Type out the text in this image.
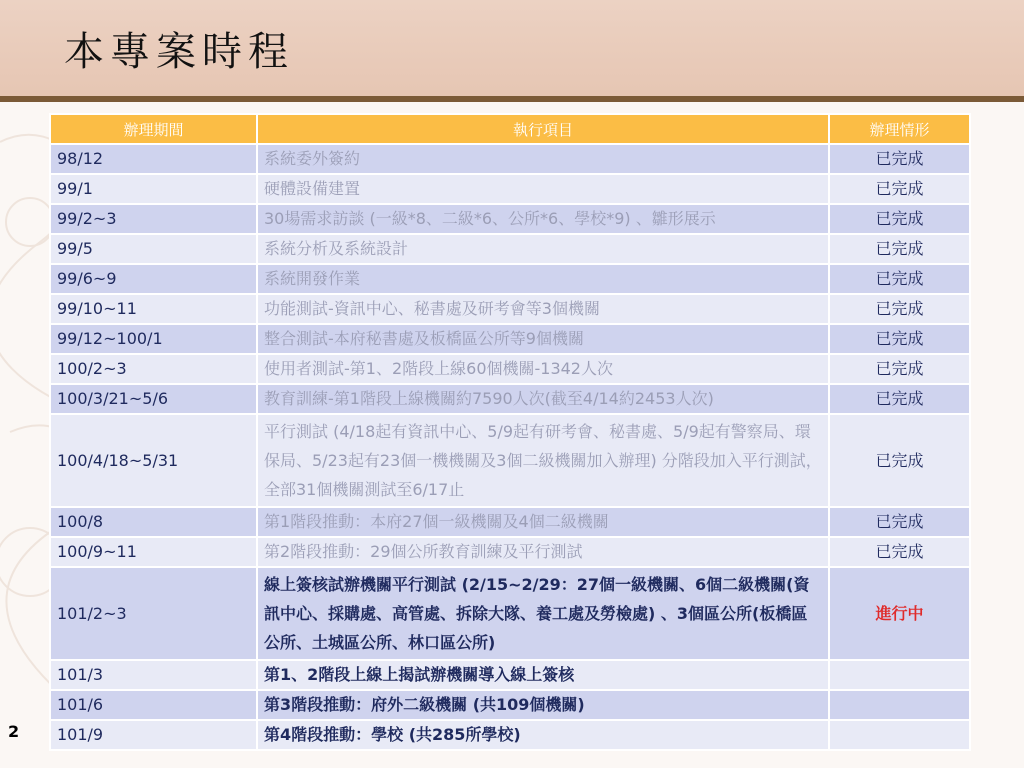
本專案時程
辦理期間	執行項目	辦理情形
98/12	系統委外簽約	已完成
99/1	硬體設備建置	已完成
99/2~3	30場需求訪談 (一級*8、二級*6、公所*6、學校*9) 、雛形展示	已完成
99/5	系統分析及系統設計	已完成
99/6~9	系統開發作業	已完成
99/10~11	功能測試-資訊中心、秘書處及研考會等3個機關	已完成
99/12~100/1	整合測試-本府秘書處及板橋區公所等9個機關	已完成
100/2~3	使用者測試-第1、2階段上線60個機關-1342人次	已完成
100/3/21~5/6	教育訓練-第1階段上線機關約7590人次(截至4/14約2453人次)	已完成
100/4/18~5/31	平行測試 (4/18起有資訊中心、5/9起有研考會、秘書處、5/9起有警察局、環保局、5/23起有23個一機機關及3個二級機關加入辦理) 分階段加入平行測試，全部31個機關測試至6/17止	已完成
100/8	第1階段推動：本府27個一級機關及4個二級機關	已完成
100/9~11	第2階段推動：29個公所教育訓練及平行測試	已完成
101/2~3	線上簽核試辦機關平行測試 (2/15~2/29：27個一級機關、6個二級機關(資訊中心、採購處、高管處、拆除大隊、養工處及勞檢處) 、3個區公所(板橋區公所、土城區公所、林口區公所)	進行中
101/3	第1、2階段上線上揭試辦機關導入線上簽核	
101/6	第3階段推動：府外二級機關 (共109個機關)	
101/9	第4階段推動：學校 (共285所學校)	
2
